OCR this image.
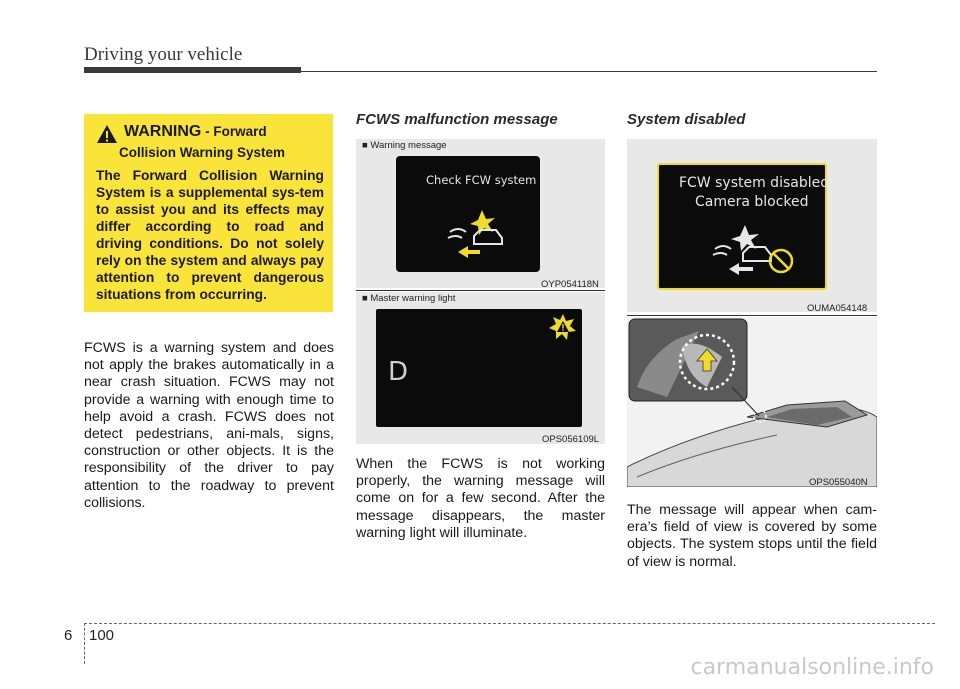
Driving your vehicle
WARNING - Forward
Collision Warning System
The Forward Collision Warning System is a supplemental sys-tem to assist you and its effects may differ according to road and driving conditions. Do not solely rely on the system and always pay attention to prevent dangerous situations from occurring.
FCWS is a warning system and does not apply the brakes automatically in a near crash situation. FCWS may not provide a warning with enough time to help avoid a crash. FCWS does not detect pedestrians, ani-mals, signs, construction or other objects. It is the responsibility of the driver to pay attention to the roadway to prevent collisions.
FCWS malfunction message
■ Warning message
Check FCW system
OYP054118N
■ Master warning light
D
OPS056109L
When the FCWS is not working properly, the warning message will come on for a few second. After the message disappears, the master warning light will illuminate.
System disabled
FCW system disabled.
Camera blocked
OUMA054148
OPS055040N
The message will appear when cam-era’s field of view is covered by some objects. The system stops until the field of view is normal.
6 100
carmanualsonline.info
